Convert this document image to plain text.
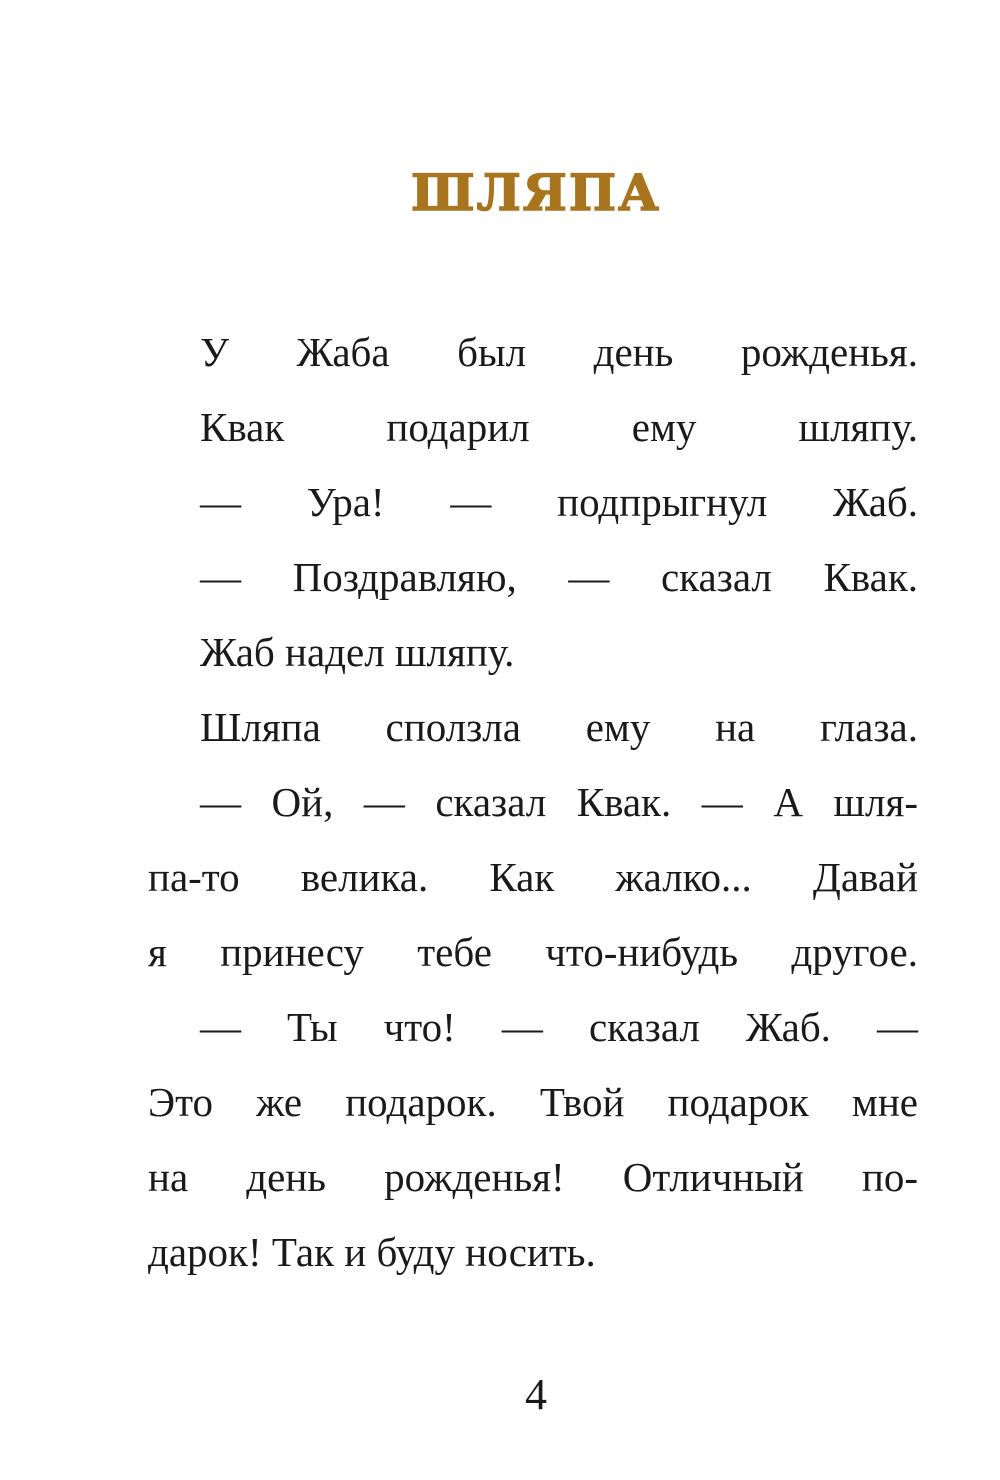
ШЛЯПА
У Жаба был день рожденья.
Квак подарил ему шляпу.
— Ура! — подпрыгнул Жаб.
— Поздравляю, — сказал Квак.
Жаб надел шляпу.
Шляпа сползла ему на глаза.
— Ой, — сказал Квак. — А шля-
па-то велика. Как жалко... Давай
я принесу тебе что-нибудь другое.
— Ты что! — сказал Жаб. —
Это же подарок. Твой подарок мне
на день рожденья! Отличный по-
дарок! Так и буду носить.
4
